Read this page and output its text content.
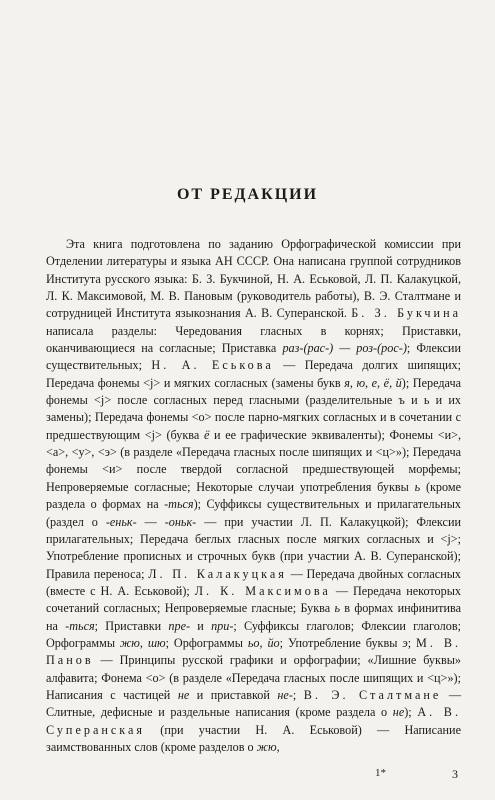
ОТ РЕДАКЦИИ

Эта книга подготовлена по заданию Орфографической комиссии при Отделении литературы и языка АН СССР. Она написана группой сотрудников Института русского языка: Б. З. Букчиной, Н. А. Еськовой, Л. П. Калакуцкой, Л. К. Максимовой, М. В. Пановым (руководитель работы), В. Э. Сталтмане и сотрудницей Института языкознания А. В. Суперанской. Б. З. Букчина написала разделы: Чередования гласных в корнях; Приставки, оканчивающиеся на согласные; Приставка раз-(рас-) — роз-(рос-); Флексии существительных; Н. А. Еськова — Передача долгих шипящих; Передача фонемы <j> и мягких согласных (замены букв я, ю, е, ё, й); Передача фонемы <j> после согласных перед гласными (разделительные ъ и ь и их замены); Передача фонемы <о> после парно-мягких согласных и в сочетании с предшествующим <j> (буква ё и ее графические эквиваленты); Фонемы <и>, <а>, <у>, <э> (в разделе «Передача гласных после шипящих и <ц>»); Передача фонемы <и> после твердой согласной предшествующей морфемы; Непроверяемые согласные; Некоторые случаи употребления буквы ь (кроме раздела о формах на -ться); Суффиксы существительных и прилагательных (раздел о -еньк- — -оньк- — при участии Л. П. Калакуцкой); Флексии прилагательных; Передача беглых гласных после мягких согласных и <j>; Употребление прописных и строчных букв (при участии А. В. Суперанской); Правила переноса; Л. П. Калакуцкая — Передача двойных согласных (вместе с Н. А. Еськовой); Л. К. Максимова — Передача некоторых сочетаний согласных; Непроверяемые гласные; Буква ь в формах инфинитива на -ться; Приставки пре- и при-; Суффиксы глаголов; Флексии глаголов; Орфограммы жю, шю; Орфограммы ьо, йо; Употребление буквы э; М. В. Панов — Принципы русской графики и орфографии; «Лишние буквы» алфавита; Фонема <о> (в разделе «Передача гласных после шипящих и <ц>»); Написания с частицей не и приставкой не-; В. Э. Сталтмане — Слитные, дефисные и раздельные написания (кроме раздела о не); А. В. Суперанская (при участии Н. А. Еськовой) — Написание заимствованных слов (кроме разделов о жю,

1*	3
